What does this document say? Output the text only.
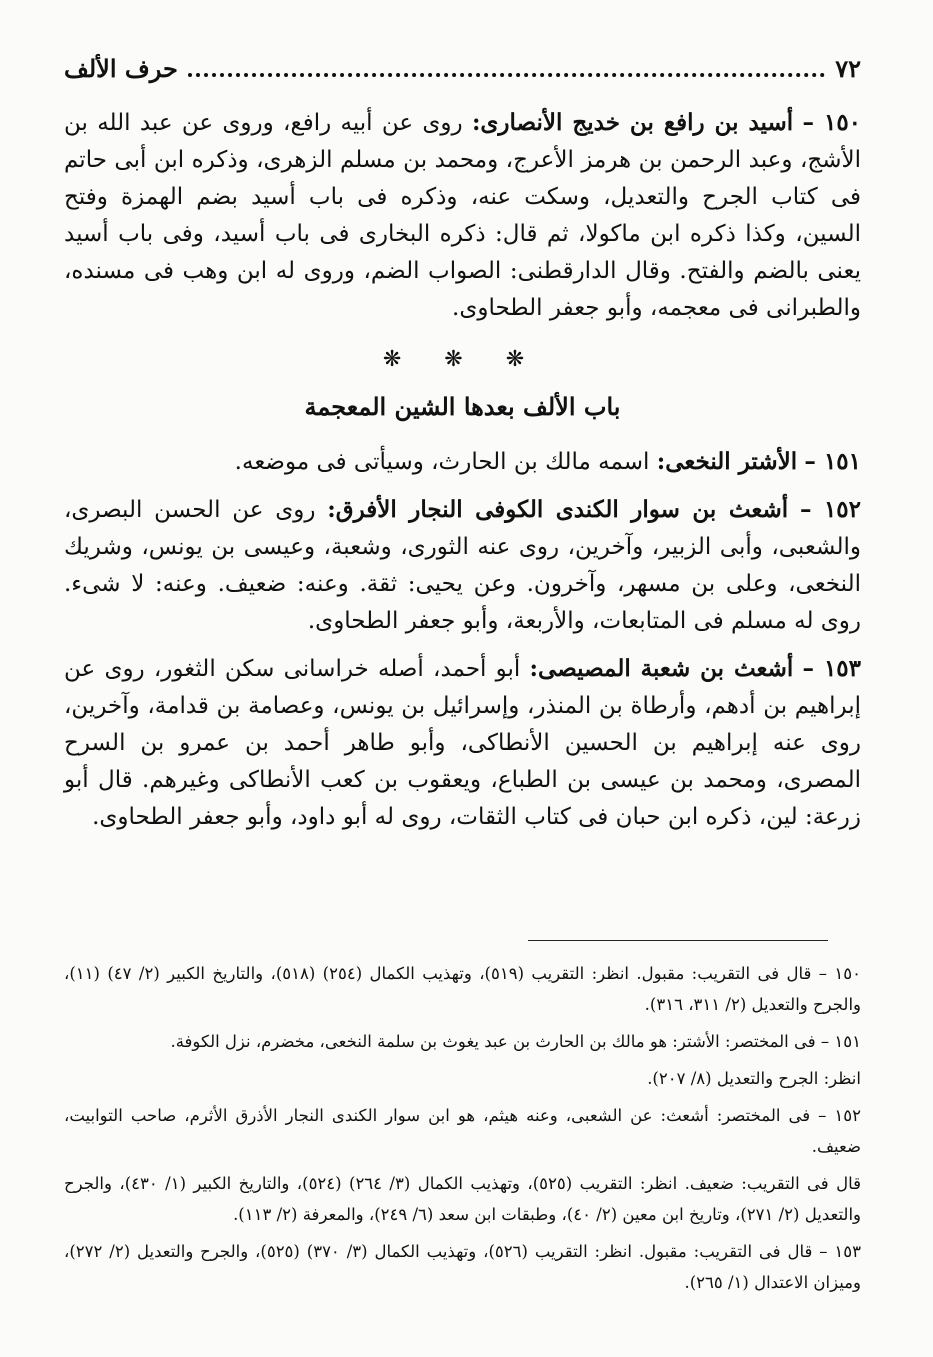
٧٢
حرف الألف

١٥٠ – أسيد بن رافع بن خديج الأنصارى: روى عن أبيه رافع، وروى عن عبد الله بن الأشج، وعبد الرحمن بن هرمز الأعرج، ومحمد بن مسلم الزهرى، وذكره ابن أبى حاتم فى كتاب الجرح والتعديل، وسكت عنه، وذكره فى باب أسيد بضم الهمزة وفتح السين، وكذا ذكره ابن ماكولا، ثم قال: ذكره البخارى فى باب أسيد، وفى باب أسيد يعنى بالضم والفتح. وقال الدارقطنى: الصواب الضم، وروى له ابن وهب فى مسنده، والطبرانى فى معجمه، وأبو جعفر الطحاوى.

❋ ❋ ❋
باب الألف بعدها الشين المعجمة

١٥١ – الأشتر النخعى: اسمه مالك بن الحارث، وسيأتى فى موضعه.

١٥٢ – أشعث بن سوار الكندى الكوفى النجار الأفرق: روى عن الحسن البصرى، والشعبى، وأبى الزبير، وآخرين، روى عنه الثورى، وشعبة، وعيسى بن يونس، وشريك النخعى، وعلى بن مسهر، وآخرون. وعن يحيى: ثقة. وعنه: ضعيف. وعنه: لا شىء. روى له مسلم فى المتابعات، والأربعة، وأبو جعفر الطحاوى.

١٥٣ – أشعث بن شعبة المصيصى: أبو أحمد، أصله خراسانى سكن الثغور، روى عن إبراهيم بن أدهم، وأرطاة بن المنذر، وإسرائيل بن يونس، وعصامة بن قدامة، وآخرين، روى عنه إبراهيم بن الحسين الأنطاكى، وأبو طاهر أحمد بن عمرو بن السرح المصرى، ومحمد بن عيسى بن الطباع، ويعقوب بن كعب الأنطاكى وغيرهم. قال أبو زرعة: لين، ذكره ابن حبان فى كتاب الثقات، روى له أبو داود، وأبو جعفر الطحاوى.

١٥٠ – قال فى التقريب: مقبول. انظر: التقريب (٥١٩)، وتهذيب الكمال (٢٥٤) (٥١٨)، والتاريخ الكبير (٢/ ٤٧) (١١)، والجرح والتعديل (٢/ ٣١١، ٣١٦).

١٥١ – فى المختصر: الأشتر: هو مالك بن الحارث بن عبد يغوث بن سلمة النخعى، مخضرم، نزل الكوفة.

انظر: الجرح والتعديل (٨/ ٢٠٧).

١٥٢ – فى المختصر: أشعث: عن الشعبى، وعنه هيثم، هو ابن سوار الكندى النجار الأذرق الأثرم، صاحب التوابيت، ضعيف.

قال فى التقريب: ضعيف. انظر: التقريب (٥٢٥)، وتهذيب الكمال (٣/ ٢٦٤) (٥٢٤)، والتاريخ الكبير (١/ ٤٣٠)، والجرح والتعديل (٢/ ٢٧١)، وتاريخ ابن معين (٢/ ٤٠)، وطبقات ابن سعد (٦/ ٢٤٩)، والمعرفة (٢/ ١١٣).

١٥٣ – قال فى التقريب: مقبول. انظر: التقريب (٥٢٦)، وتهذيب الكمال (٣/ ٣٧٠) (٥٢٥)، والجرح والتعديل (٢/ ٢٧٢)، وميزان الاعتدال (١/ ٢٦٥).
